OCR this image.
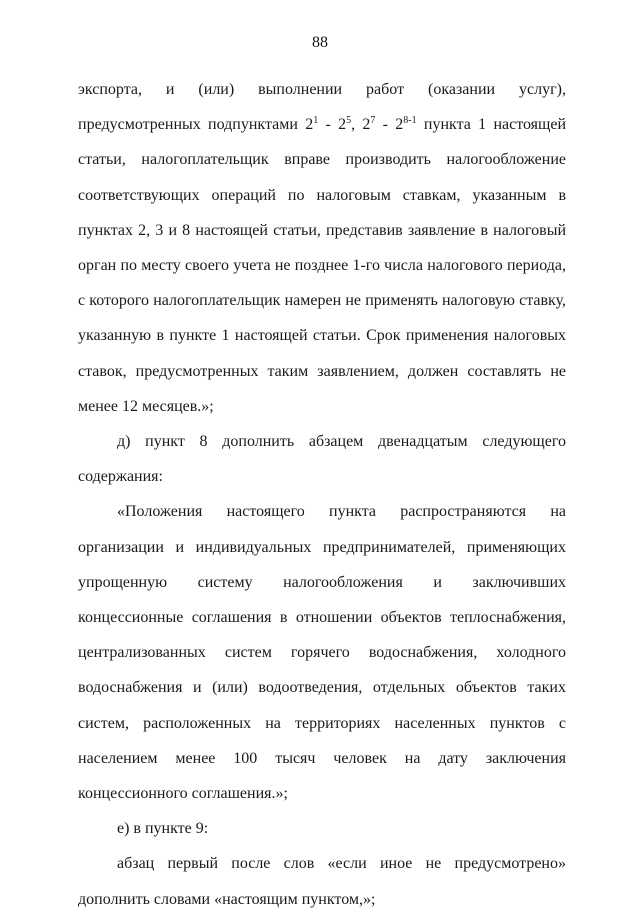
88

экспорта, и (или) выполнении работ (оказании услуг), предусмотренных подпунктами $2^1 - 2^5$, $2^7 - 2^{8-1}$ пункта 1 настоящей статьи, налогоплательщик вправе производить налогообложение соответствующих операций по налоговым ставкам, указанным в пунктах 2, 3 и 8 настоящей статьи, представив заявление в налоговый орган по месту своего учета не позднее 1-го числа налогового периода, с которого налогоплательщик намерен не применять налоговую ставку, указанную в пункте 1 настоящей статьи. Срок применения налоговых ставок, предусмотренных таким заявлением, должен составлять не менее 12 месяцев.»;

д) пункт 8 дополнить абзацем двенадцатым следующего содержания:

«Положения настоящего пункта распространяются на организации и индивидуальных предпринимателей, применяющих упрощенную систему налогообложения и заключивших концессионные соглашения в отношении объектов теплоснабжения, централизованных систем горячего водоснабжения, холодного водоснабжения и (или) водоотведения, отдельных объектов таких систем, расположенных на территориях населенных пунктов с населением менее 100 тысяч человек на дату заключения концессионного соглашения.»;

е) в пункте 9:

абзац первый после слов «если иное не предусмотрено» дополнить словами «настоящим пунктом,»;
